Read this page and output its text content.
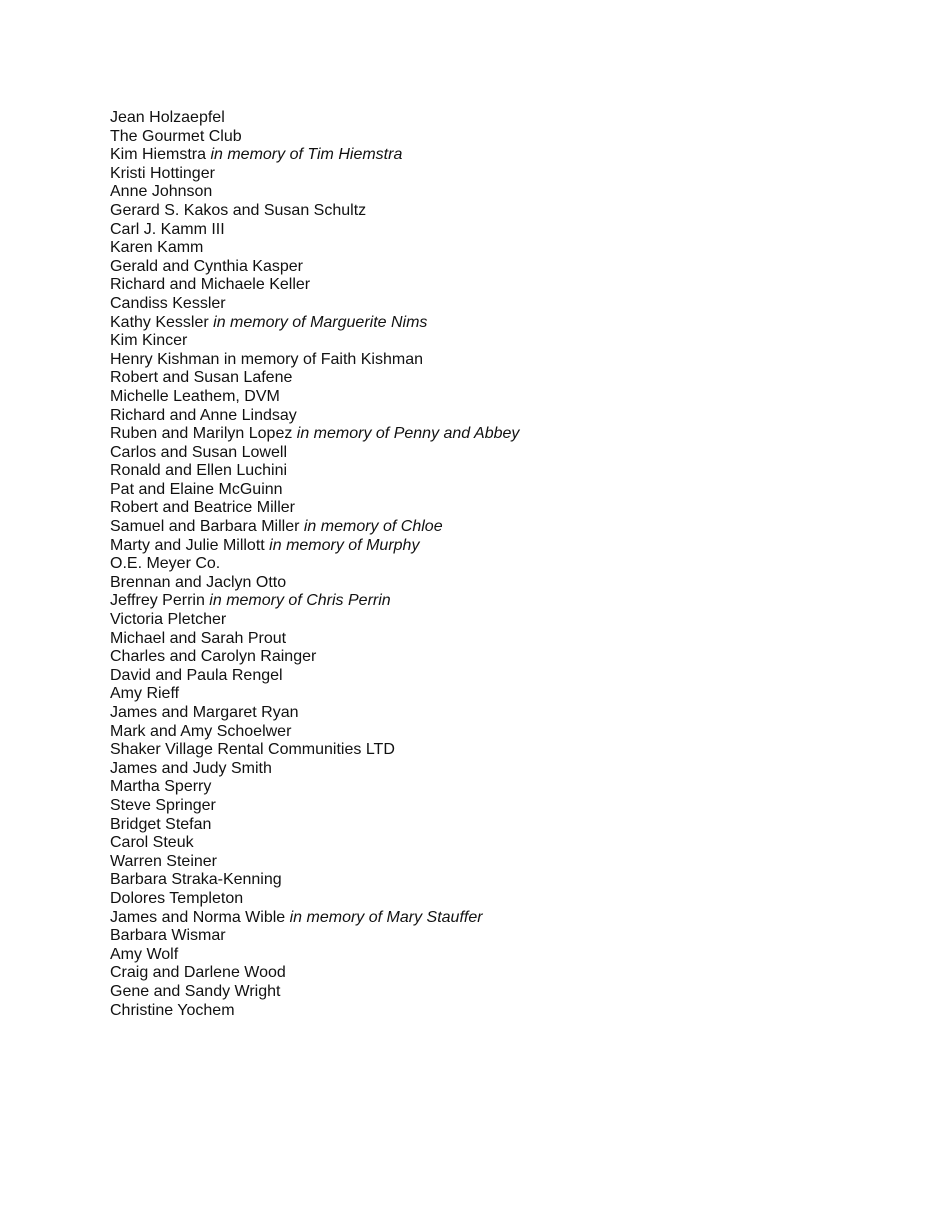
Jean Holzaepfel
The Gourmet Club
Kim Hiemstra in memory of Tim Hiemstra
Kristi Hottinger
Anne Johnson
Gerard S. Kakos and Susan Schultz
Carl J. Kamm III
Karen Kamm
Gerald and Cynthia Kasper
Richard and Michaele Keller
Candiss Kessler
Kathy Kessler in memory of Marguerite Nims
Kim Kincer
Henry Kishman in memory of Faith Kishman
Robert and Susan Lafene
Michelle Leathem, DVM
Richard and Anne Lindsay
Ruben and Marilyn Lopez in memory of Penny and Abbey
Carlos and Susan Lowell
Ronald and Ellen Luchini
Pat and Elaine McGuinn
Robert and Beatrice Miller
Samuel and Barbara Miller in memory of Chloe
Marty and Julie Millott in memory of Murphy
O.E. Meyer Co.
Brennan and Jaclyn Otto
Jeffrey Perrin in memory of Chris Perrin
Victoria Pletcher
Michael and Sarah Prout
Charles and Carolyn Rainger
David and Paula Rengel
Amy Rieff
James and Margaret Ryan
Mark and Amy Schoelwer
Shaker Village Rental Communities LTD
James and Judy Smith
Martha Sperry
Steve Springer
Bridget Stefan
Carol Steuk
Warren Steiner
Barbara Straka-Kenning
Dolores Templeton
James and Norma Wible in memory of Mary Stauffer
Barbara Wismar
Amy Wolf
Craig and Darlene Wood
Gene and Sandy Wright
Christine Yochem
